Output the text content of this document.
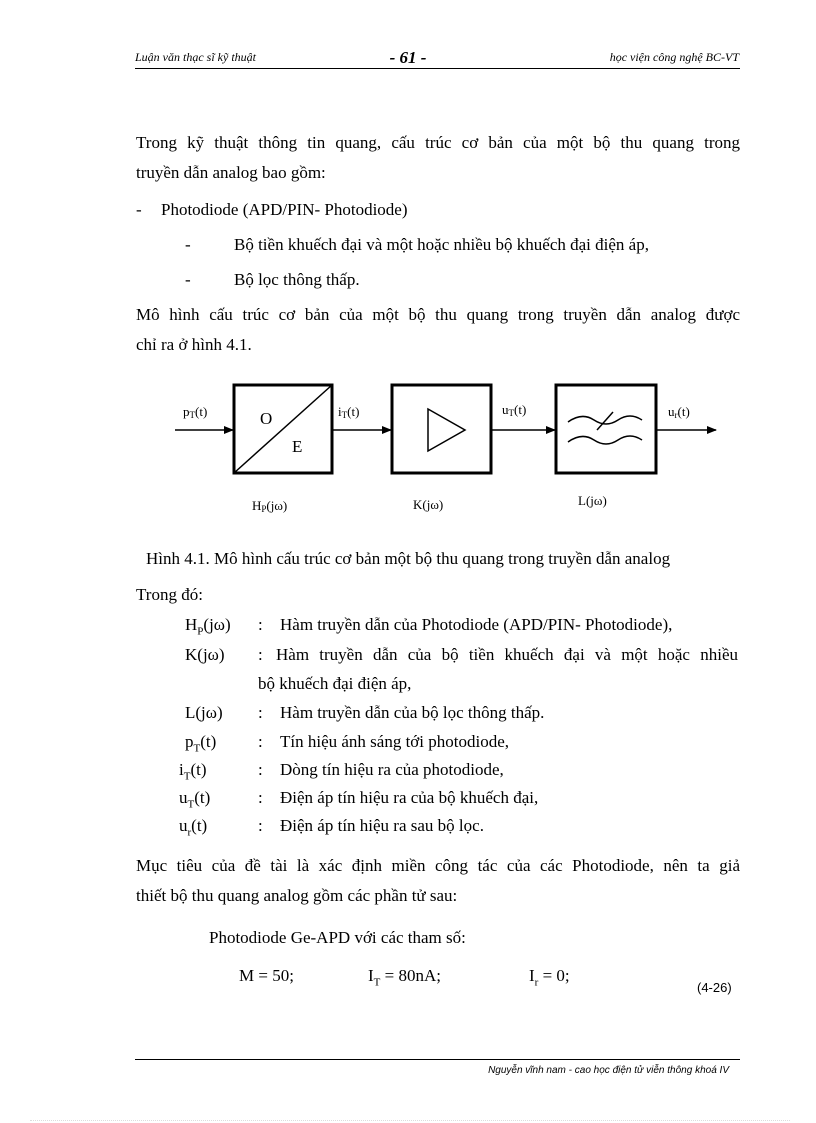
Luận văn thạc sĩ kỹ thuật	- 61 -	học viện công nghệ BC-VT
Trong kỹ thuật thông tin quang, cấu trúc cơ bản của một bộ thu quang trong
truyền dẫn analog bao gồm:
- Photodiode (APD/PIN- Photodiode)
-	Bộ tiền khuếch đại và một hoặc nhiều bộ khuếch đại điện áp,
-	Bộ lọc thông thấp.
Mô hình cấu trúc cơ bản của một bộ thu quang trong truyền dẫn analog được
chỉ ra ở hình 4.1.
O
E
pT(t)	iT(t)	uT(t)	ur(t)
HP(jω)	K(jω)	L(jω)
Hình 4.1. Mô hình cấu trúc cơ bản một bộ thu quang trong truyền dẫn analog
Trong đó:
$H_P(j\omega)$ : Hàm truyền dẫn của Photodiode (APD/PIN- Photodiode),
K(jω) : Hàm truyền dẫn của bộ tiền khuếch đại và một hoặc nhiều
bộ khuếch đại điện áp,
L(jω) : Hàm truyền dẫn của bộ lọc thông thấp.
$p_T(t)$ : Tín hiệu ánh sáng tới photodiode,
$i_T(t)$	: Dòng tín hiệu ra của photodiode,
$u_T(t)$	: Điện áp tín hiệu ra của bộ khuếch đại,
$u_r(t)$	: Điện áp tín hiệu ra sau bộ lọc.
Mục tiêu của đề tài là xác định miền công tác của các Photodiode, nên ta giả
thiết bộ thu quang analog gồm các phần tử sau:
Photodiode Ge-APD với các tham số:
M = 50;	$I_T = 80nA$;	$I_r = 0$;
(4-26)
Nguyễn vĩnh nam - cao học điện tử viễn thông khoá IV
